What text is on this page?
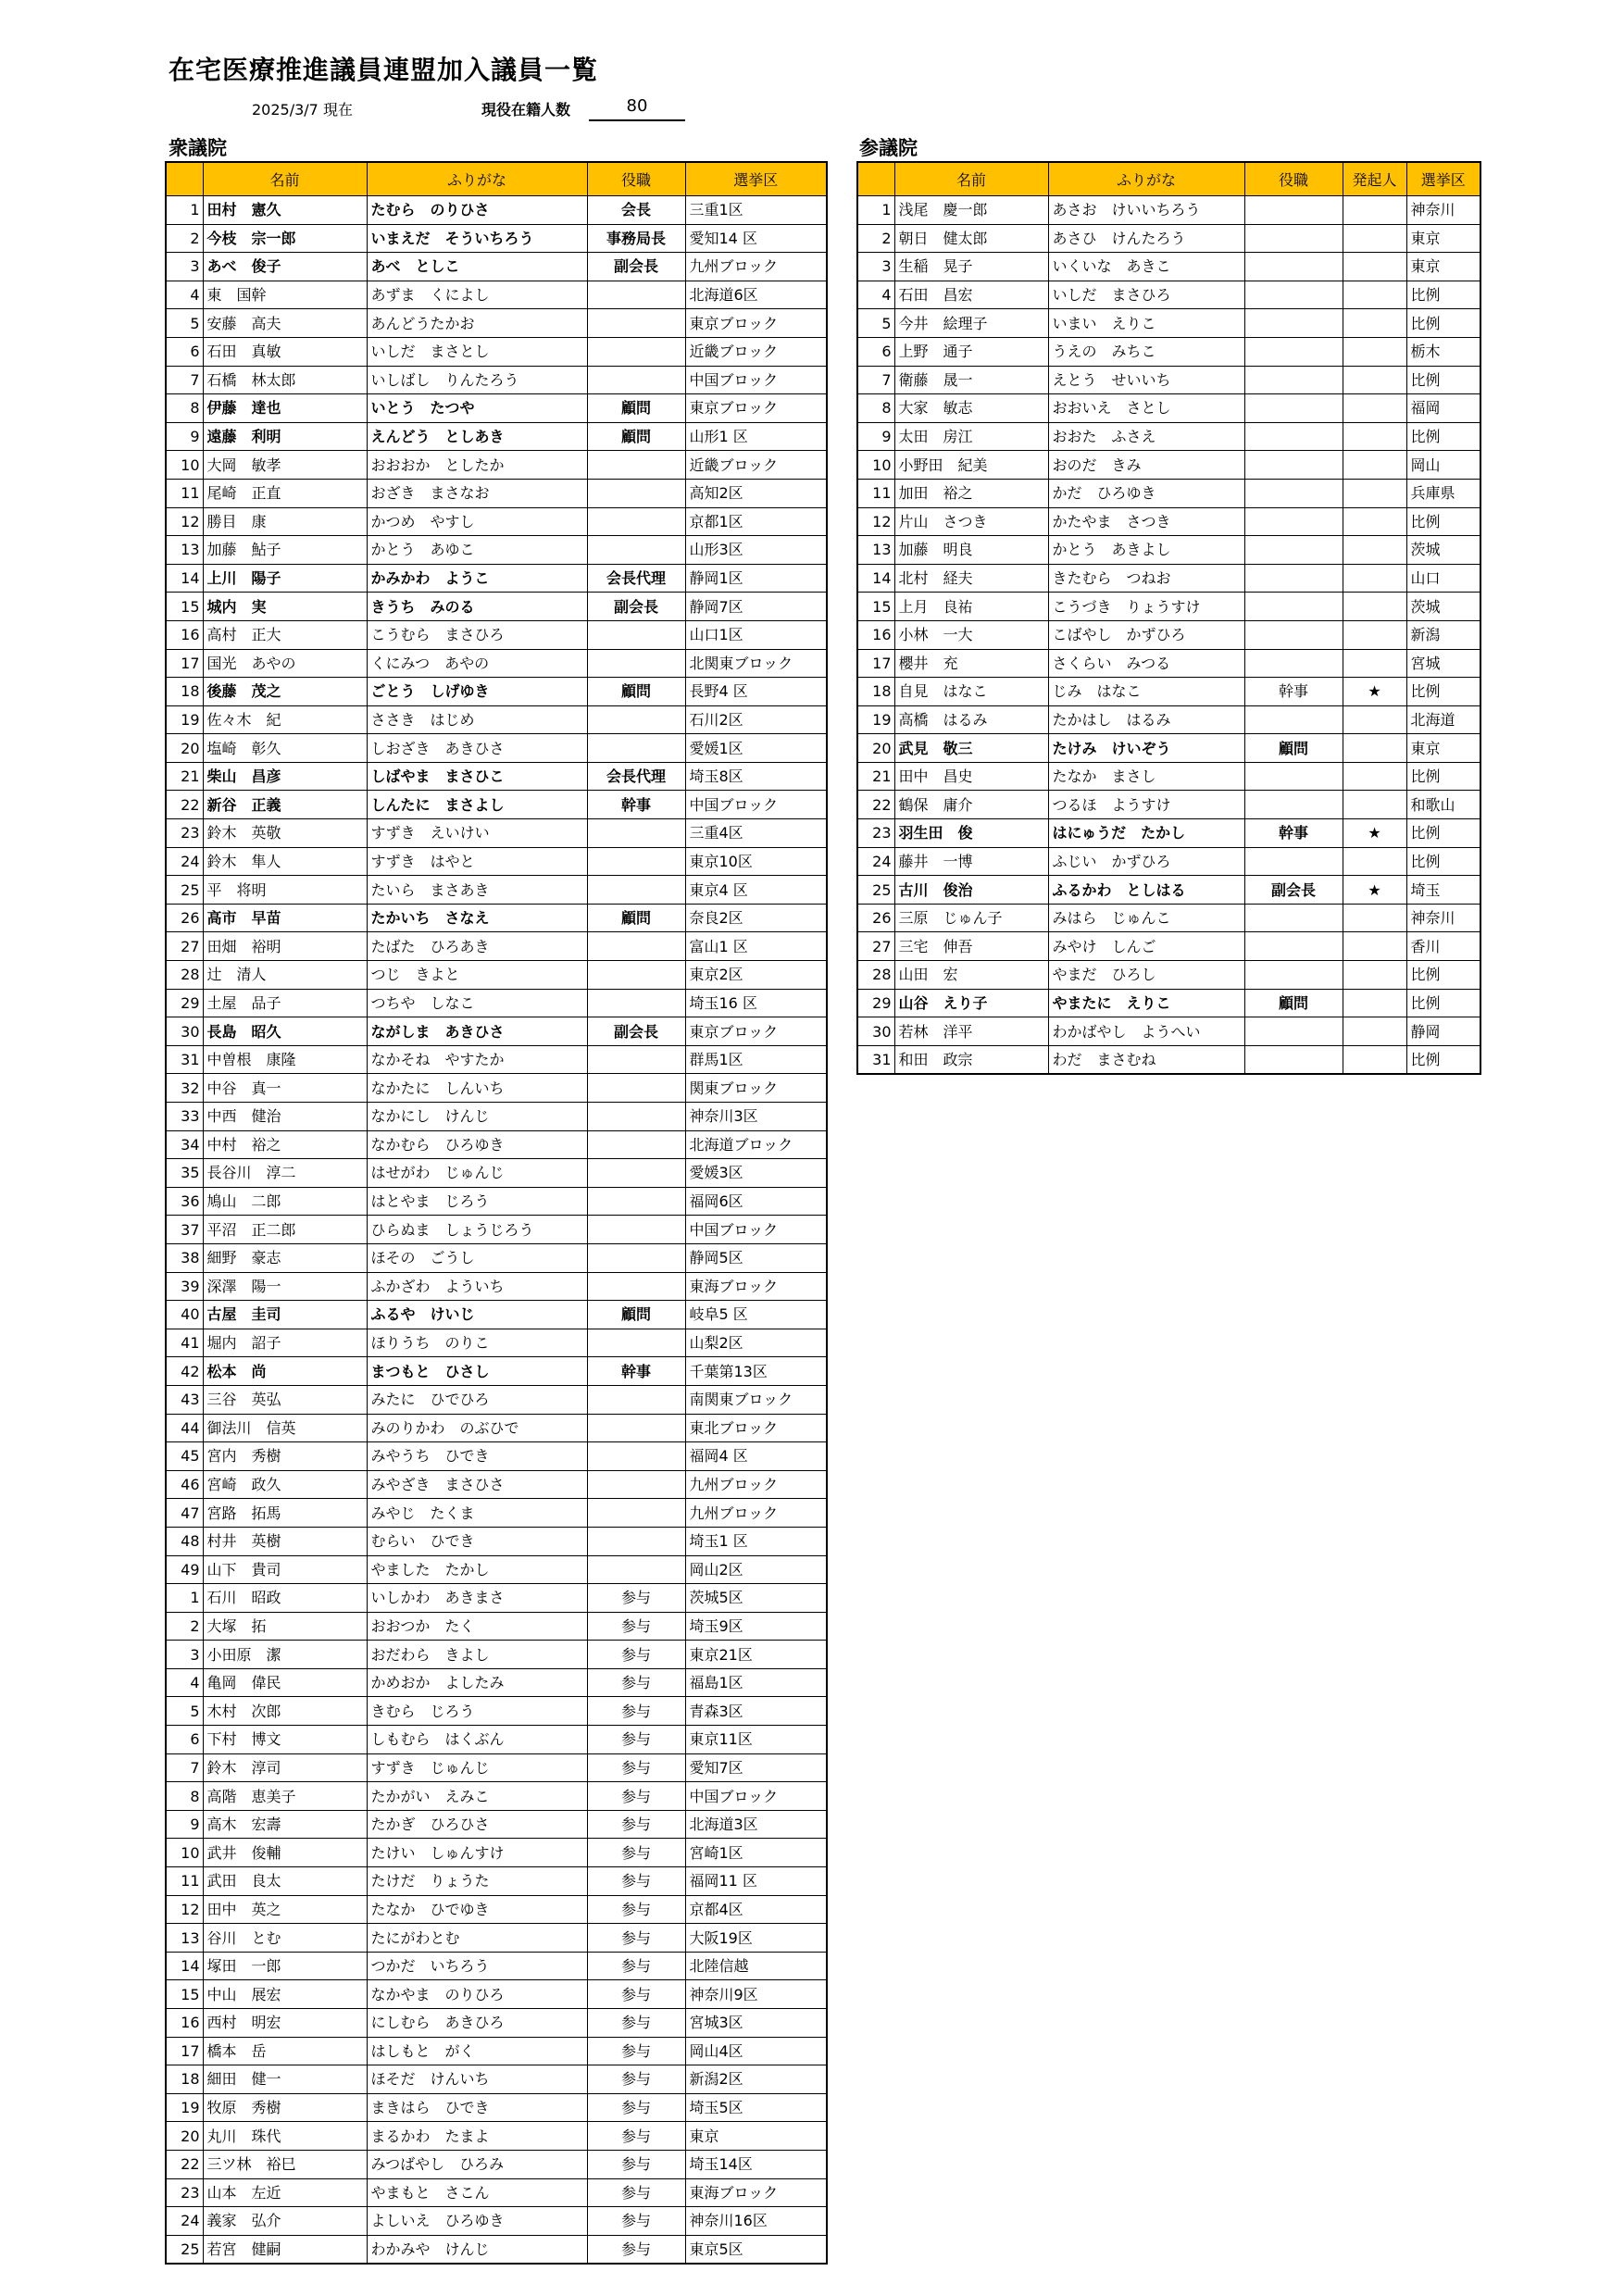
在宅医療推進議員連盟加入議員一覧
2025/3/7 現在	現役在籍人数	80
衆議院	参議院
	名前	ふりがな	役職	選挙区
1	田村　憲久	たむら　のりひさ	会長	三重1区
2	今枝　宗一郎	いまえだ　そういちろう	事務局長	愛知14 区
3	あべ　俊子	あべ　としこ	副会長	九州ブロック
4	東　国幹	あずま　くによし		北海道6区
5	安藤　高夫	あんどうたかお		東京ブロック
6	石田　真敏	いしだ　まさとし		近畿ブロック
7	石橋　林太郎	いしばし　りんたろう		中国ブロック
8	伊藤　達也	いとう　たつや	顧問	東京ブロック
9	遠藤　利明	えんどう　としあき	顧問	山形1 区
10	大岡　敏孝	おおおか　としたか		近畿ブロック
11	尾崎　正直	おざき　まさなお		高知2区
12	勝目　康	かつめ　やすし		京都1区
13	加藤　鮎子	かとう　あゆこ		山形3区
14	上川　陽子	かみかわ　ようこ	会長代理	静岡1区
15	城内　実	きうち　みのる	副会長	静岡7区
16	高村　正大	こうむら　まさひろ		山口1区
17	国光　あやの	くにみつ　あやの		北関東ブロック
18	後藤　茂之	ごとう　しげゆき	顧問	長野4 区
19	佐々木　紀	ささき　はじめ		石川2区
20	塩崎　彰久	しおざき　あきひさ		愛媛1区
21	柴山　昌彦	しばやま　まさひこ	会長代理	埼玉8区
22	新谷　正義	しんたに　まさよし	幹事	中国ブロック
23	鈴木　英敬	すずき　えいけい		三重4区
24	鈴木　隼人	すずき　はやと		東京10区
25	平　将明	たいら　まさあき		東京4 区
26	高市　早苗	たかいち　さなえ	顧問	奈良2区
27	田畑　裕明	たばた　ひろあき		富山1 区
28	辻　清人	つじ　きよと		東京2区
29	土屋　品子	つちや　しなこ		埼玉16 区
30	長島　昭久	ながしま　あきひさ	副会長	東京ブロック
31	中曽根　康隆	なかそね　やすたか		群馬1区
32	中谷　真一	なかたに　しんいち		関東ブロック
33	中西　健治	なかにし　けんじ		神奈川3区
34	中村　裕之	なかむら　ひろゆき		北海道ブロック
35	長谷川　淳二	はせがわ　じゅんじ		愛媛3区
36	鳩山　二郎	はとやま　じろう		福岡6区
37	平沼　正二郎	ひらぬま　しょうじろう		中国ブロック
38	細野　豪志	ほその　ごうし		静岡5区
39	深澤　陽一	ふかざわ　よういち		東海ブロック
40	古屋　圭司	ふるや　けいじ	顧問	岐阜5 区
41	堀内　詔子	ほりうち　のりこ		山梨2区
42	松本　尚	まつもと　ひさし	幹事	千葉第13区
43	三谷　英弘	みたに　ひでひろ		南関東ブロック
44	御法川　信英	みのりかわ　のぶひで		東北ブロック
45	宮内　秀樹	みやうち　ひでき		福岡4 区
46	宮崎　政久	みやざき　まさひさ		九州ブロック
47	宮路　拓馬	みやじ　たくま		九州ブロック
48	村井　英樹	むらい　ひでき		埼玉1 区
49	山下　貴司	やました　たかし		岡山2区
1	石川　昭政	いしかわ　あきまさ	参与	茨城5区
2	大塚　拓	おおつか　たく	参与	埼玉9区
3	小田原　潔	おだわら　きよし	参与	東京21区
4	亀岡　偉民	かめおか　よしたみ	参与	福島1区
5	木村　次郎	きむら　じろう	参与	青森3区
6	下村　博文	しもむら　はくぶん	参与	東京11区
7	鈴木　淳司	すずき　じゅんじ	参与	愛知7区
8	高階　恵美子	たかがい　えみこ	参与	中国ブロック
9	高木　宏壽	たかぎ　ひろひさ	参与	北海道3区
10	武井　俊輔	たけい　しゅんすけ	参与	宮崎1区
11	武田　良太	たけだ　りょうた	参与	福岡11 区
12	田中　英之	たなか　ひでゆき	参与	京都4区
13	谷川　とむ	たにがわとむ	参与	大阪19区
14	塚田　一郎	つかだ　いちろう	参与	北陸信越
15	中山　展宏	なかやま　のりひろ	参与	神奈川9区
16	西村　明宏	にしむら　あきひろ	参与	宮城3区
17	橋本　岳	はしもと　がく	参与	岡山4区
18	細田　健一	ほそだ　けんいち	参与	新潟2区
19	牧原　秀樹	まきはら　ひでき	参与	埼玉5区
20	丸川　珠代	まるかわ　たまよ	参与	東京
22	三ツ林　裕巳	みつばやし　ひろみ	参与	埼玉14区
23	山本　左近	やまもと　さこん	参与	東海ブロック
24	義家　弘介	よしいえ　ひろゆき	参与	神奈川16区
25	若宮　健嗣	わかみや　けんじ	参与	東京5区
	名前	ふりがな	役職	発起人	選挙区
1	浅尾　慶一郎	あさお　けいいちろう			神奈川
2	朝日　健太郎	あさひ　けんたろう			東京
3	生稲　晃子	いくいな　あきこ			東京
4	石田　昌宏	いしだ　まさひろ			比例
5	今井　絵理子	いまい　えりこ			比例
6	上野　通子	うえの　みちこ			栃木
7	衛藤　晟一	えとう　せいいち			比例
8	大家　敏志	おおいえ　さとし			福岡
9	太田　房江	おおた　ふさえ			比例
10	小野田　紀美	おのだ　きみ			岡山
11	加田　裕之	かだ　ひろゆき			兵庫県
12	片山　さつき	かたやま　さつき			比例
13	加藤　明良	かとう　あきよし			茨城
14	北村　経夫	きたむら　つねお			山口
15	上月　良祐	こうづき　りょうすけ			茨城
16	小林　一大	こばやし　かずひろ			新潟
17	櫻井　充	さくらい　みつる			宮城
18	自見　はなこ	じみ　はなこ	幹事	★	比例
19	高橋　はるみ	たかはし　はるみ			北海道
20	武見　敬三	たけみ　けいぞう	顧問		東京
21	田中　昌史	たなか　まさし			比例
22	鶴保　庸介	つるほ　ようすけ			和歌山
23	羽生田　俊	はにゅうだ　たかし	幹事	★	比例
24	藤井　一博	ふじい　かずひろ			比例
25	古川　俊治	ふるかわ　としはる	副会長	★	埼玉
26	三原　じゅん子	みはら　じゅんこ			神奈川
27	三宅　伸吾	みやけ　しんご			香川
28	山田　宏	やまだ　ひろし			比例
29	山谷　えり子	やまたに　えりこ	顧問		比例
30	若林　洋平	わかばやし　ようへい			静岡
31	和田　政宗	わだ　まさむね			比例
